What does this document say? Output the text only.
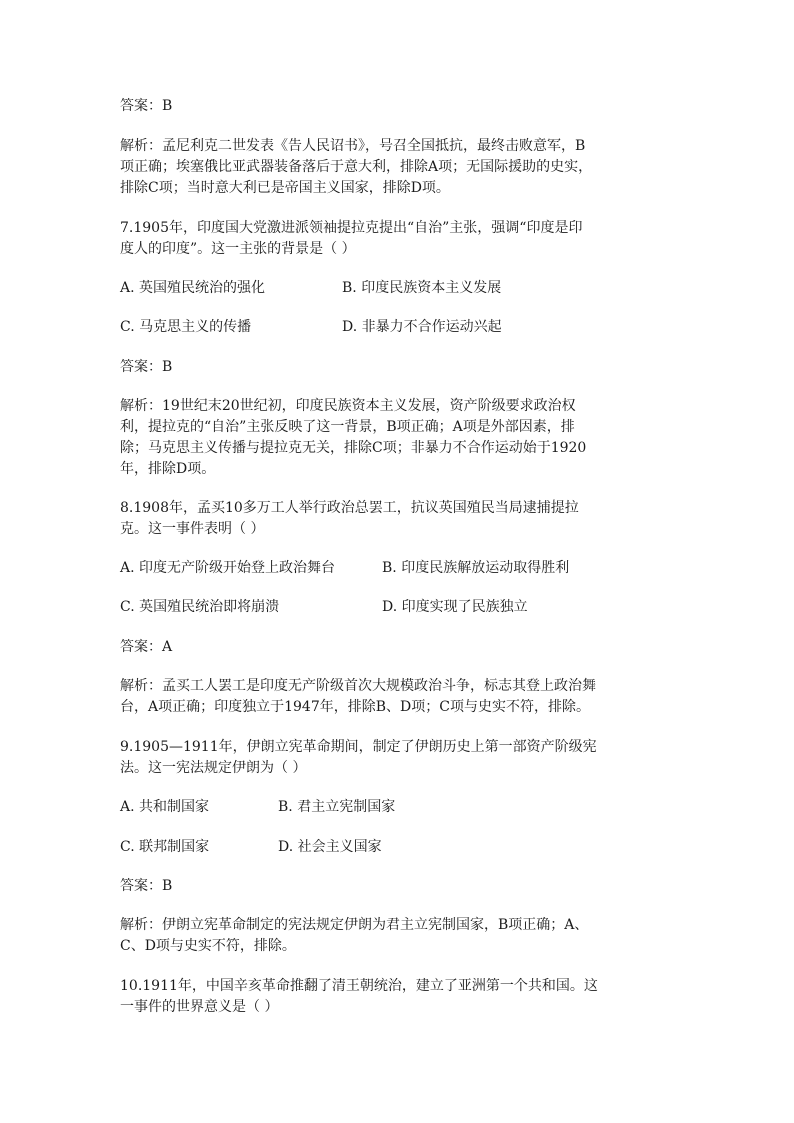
答案：B
解析：孟尼利克二世发表《告人民诏书》，号召全国抵抗，最终击败意军，B
项正确；埃塞俄比亚武器装备落后于意大利，排除A项；无国际援助的史实，
排除C项；当时意大利已是帝国主义国家，排除D项。
7.1905年，印度国大党激进派领袖提拉克提出“自治”主张，强调“印度是印
度人的印度”。这一主张的背景是（ ）
A. 英国殖民统治的强化	B. 印度民族资本主义发展
C. 马克思主义的传播	D. 非暴力不合作运动兴起
答案：B
解析：19世纪末20世纪初，印度民族资本主义发展，资产阶级要求政治权
利，提拉克的“自治”主张反映了这一背景，B项正确；A项是外部因素，排
除；马克思主义传播与提拉克无关，排除C项；非暴力不合作运动始于1920
年，排除D项。
8.1908年，孟买10多万工人举行政治总罢工，抗议英国殖民当局逮捕提拉
克。这一事件表明（ ）
A. 印度无产阶级开始登上政治舞台	B. 印度民族解放运动取得胜利
C. 英国殖民统治即将崩溃	D. 印度实现了民族独立
答案：A
解析：孟买工人罢工是印度无产阶级首次大规模政治斗争，标志其登上政治舞
台，A项正确；印度独立于1947年，排除B、D项；C项与史实不符，排除。
9.1905—1911年，伊朗立宪革命期间，制定了伊朗历史上第一部资产阶级宪
法。这一宪法规定伊朗为（ ）
A. 共和制国家	B. 君主立宪制国家
C. 联邦制国家	D. 社会主义国家
答案：B
解析：伊朗立宪革命制定的宪法规定伊朗为君主立宪制国家，B项正确；A、
C、D项与史实不符，排除。
10.1911年，中国辛亥革命推翻了清王朝统治，建立了亚洲第一个共和国。这
一事件的世界意义是（ ）
